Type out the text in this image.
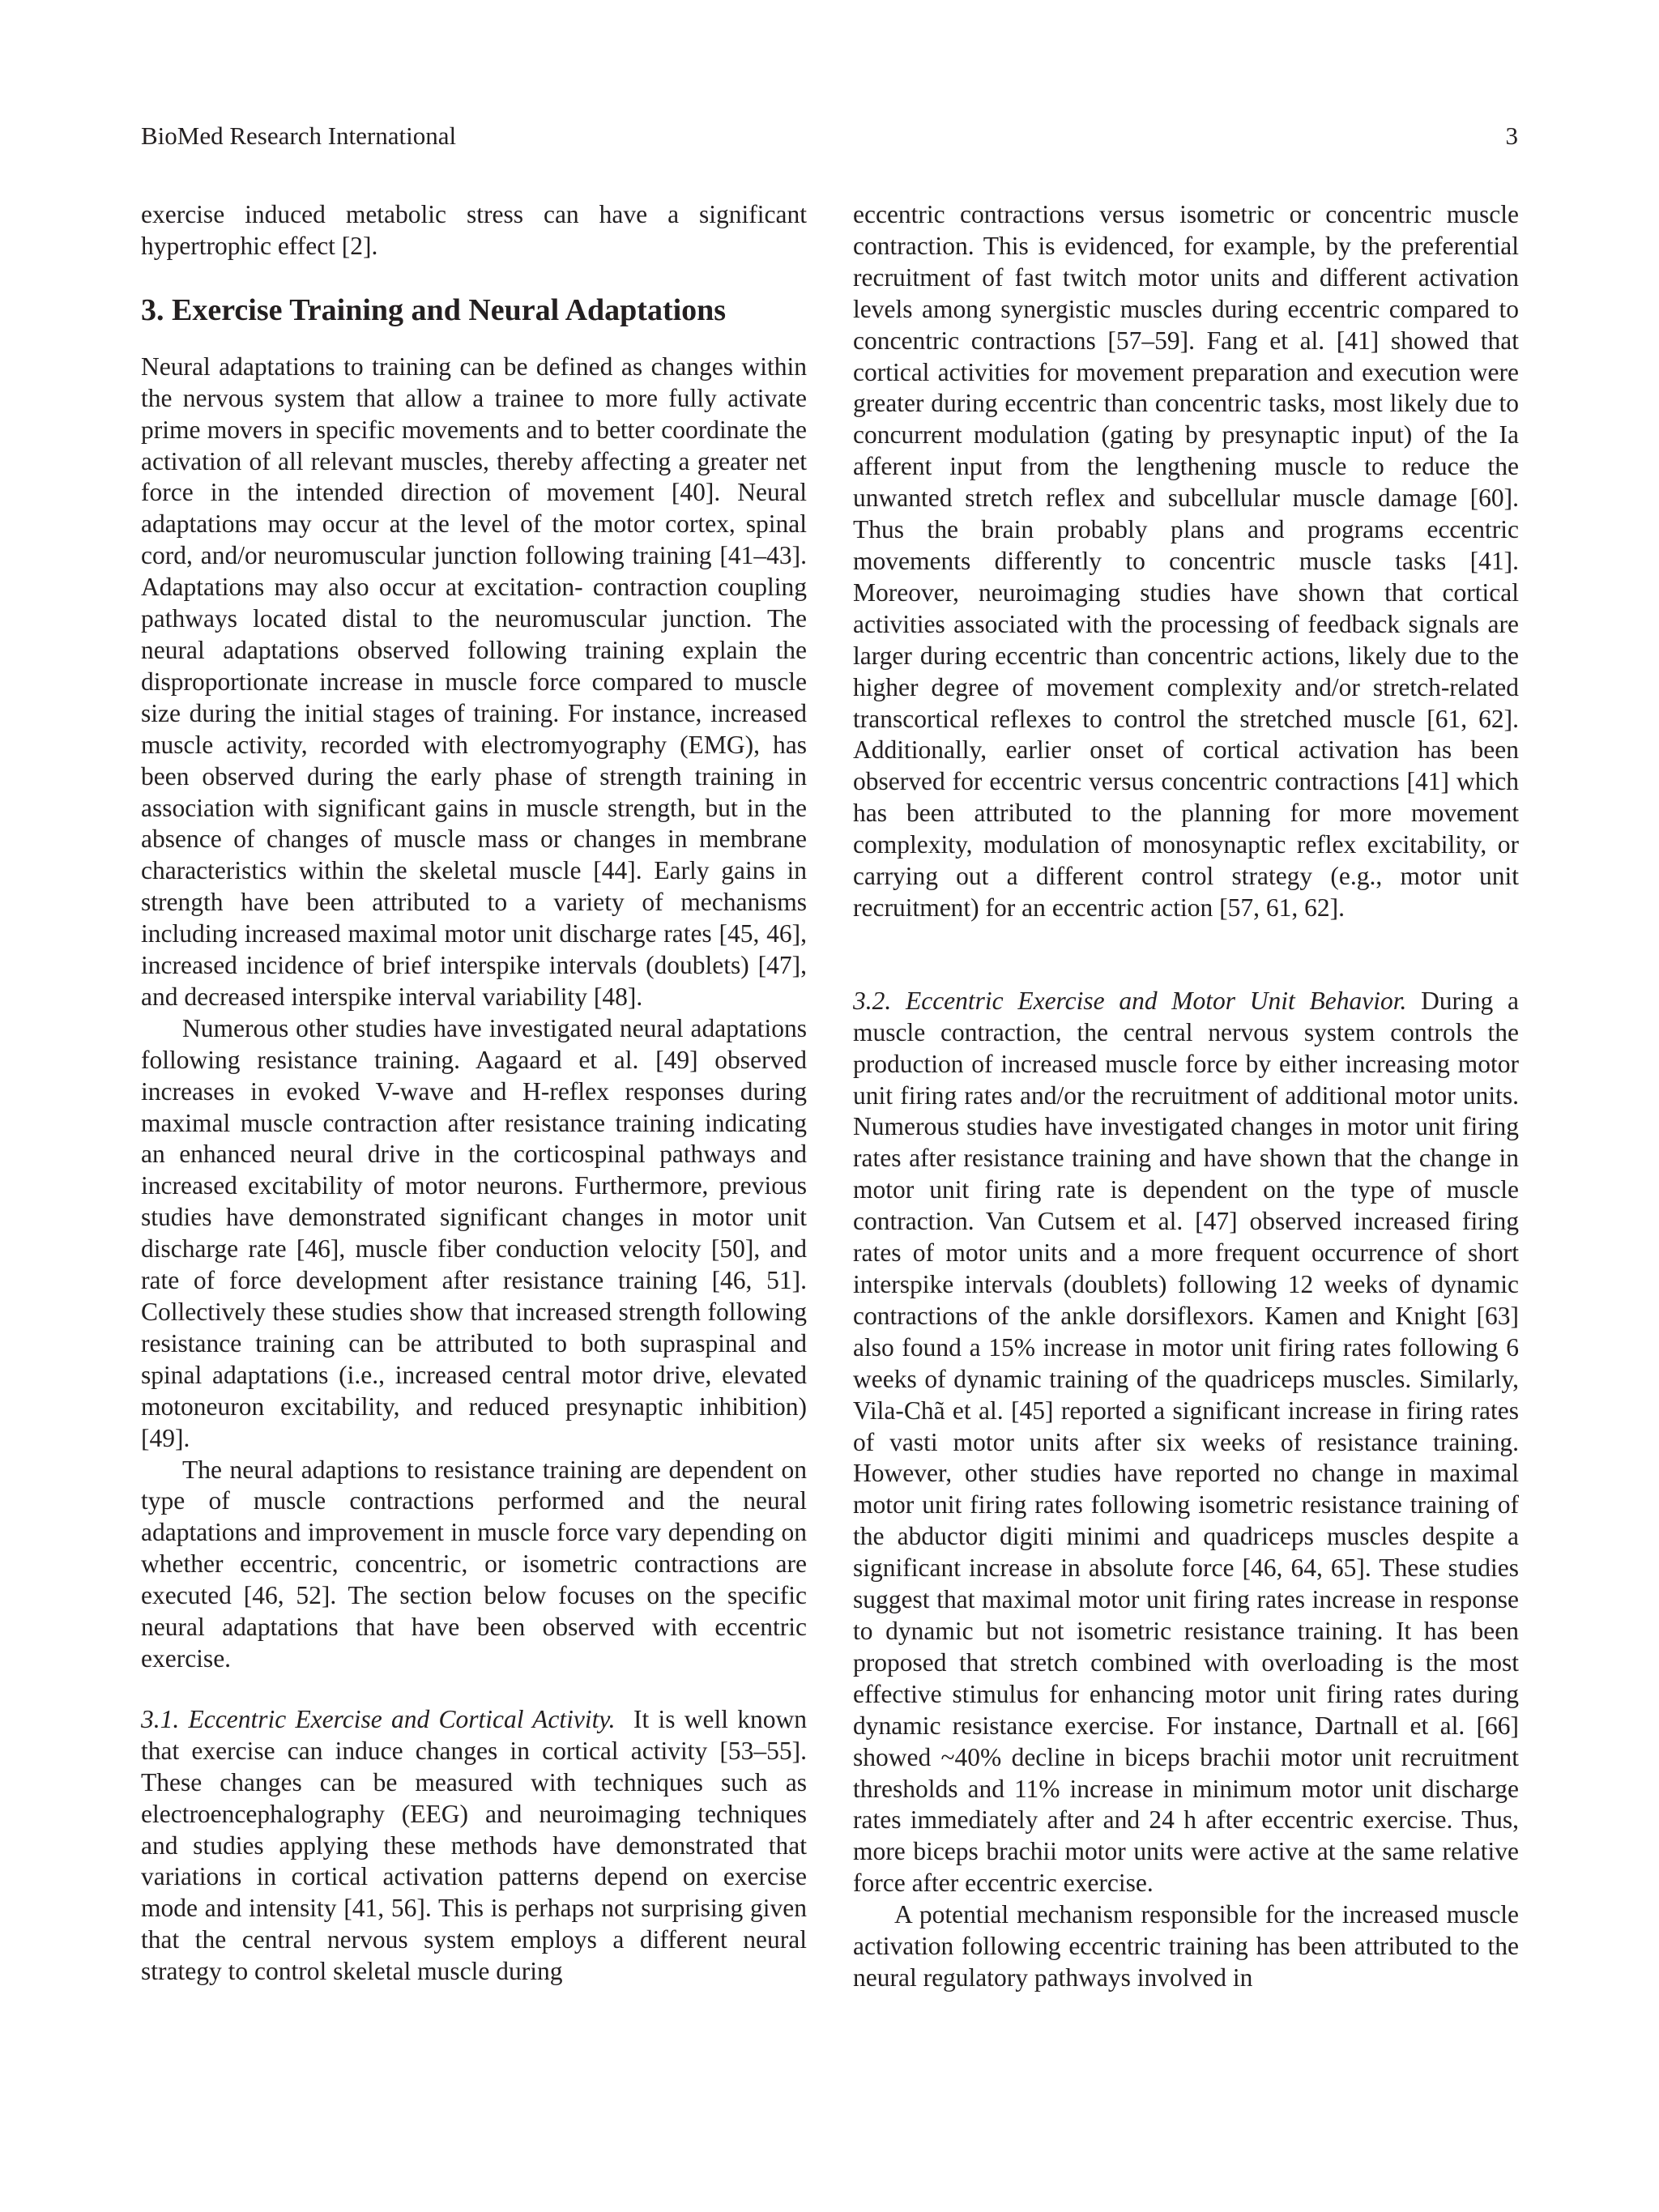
BioMed Research International	3

exercise induced metabolic stress can have a significant hypertrophic effect [2].

3. Exercise Training and Neural Adaptations

Neural adaptations to training can be defined as changes within the nervous system that allow a trainee to more fully activate prime movers in specific movements and to better coordinate the activation of all relevant muscles, thereby affecting a greater net force in the intended direction of movement [40]. Neural adaptations may occur at the level of the motor cortex, spinal cord, and/or neuromuscular junction following training [41–43]. Adaptations may also occur at excitation- contraction coupling pathways located distal to the neuromuscular junction. The neural adaptations observed following training explain the disproportionate increase in muscle force compared to muscle size during the initial stages of training. For instance, increased muscle activity, recorded with electromyography (EMG), has been observed during the early phase of strength training in association with significant gains in muscle strength, but in the absence of changes of muscle mass or changes in membrane characteristics within the skeletal muscle [44]. Early gains in strength have been attributed to a variety of mechanisms including increased maximal motor unit discharge rates [45, 46], increased incidence of brief interspike intervals (doublets) [47], and decreased interspike interval variability [48].

Numerous other studies have investigated neural adaptations following resistance training. Aagaard et al. [49] observed increases in evoked V-wave and H-reflex responses during maximal muscle contraction after resistance training indicating an enhanced neural drive in the corticospinal pathways and increased excitability of motor neurons. Furthermore, previous studies have demonstrated significant changes in motor unit discharge rate [46], muscle fiber conduction velocity [50], and rate of force development after resistance training [46, 51]. Collectively these studies show that increased strength following resistance training can be attributed to both supraspinal and spinal adaptations (i.e., increased central motor drive, elevated motoneuron excitability, and reduced presynaptic inhibition) [49].

The neural adaptions to resistance training are dependent on type of muscle contractions performed and the neural adaptations and improvement in muscle force vary depending on whether eccentric, concentric, or isometric contractions are executed [46, 52]. The section below focuses on the specific neural adaptations that have been observed with eccentric exercise.

3.1. Eccentric Exercise and Cortical Activity. It is well known that exercise can induce changes in cortical activity [53–55]. These changes can be measured with techniques such as electroencephalography (EEG) and neuroimaging techniques and studies applying these methods have demonstrated that variations in cortical activation patterns depend on exercise mode and intensity [41, 56]. This is perhaps not surprising given that the central nervous system employs a different neural strategy to control skeletal muscle during

eccentric contractions versus isometric or concentric muscle contraction. This is evidenced, for example, by the preferential recruitment of fast twitch motor units and different activation levels among synergistic muscles during eccentric compared to concentric contractions [57–59]. Fang et al. [41] showed that cortical activities for movement preparation and execution were greater during eccentric than concentric tasks, most likely due to concurrent modulation (gating by presynaptic input) of the Ia afferent input from the lengthening muscle to reduce the unwanted stretch reflex and subcellular muscle damage [60]. Thus the brain probably plans and programs eccentric movements differently to concentric muscle tasks [41]. Moreover, neuroimaging studies have shown that cortical activities associated with the processing of feedback signals are larger during eccentric than concentric actions, likely due to the higher degree of movement complexity and/or stretch-related transcortical reflexes to control the stretched muscle [61, 62]. Additionally, earlier onset of cortical activation has been observed for eccentric versus concentric contractions [41] which has been attributed to the planning for more movement complexity, modulation of monosynaptic reflex excitability, or carrying out a different control strategy (e.g., motor unit recruitment) for an eccentric action [57, 61, 62].

3.2. Eccentric Exercise and Motor Unit Behavior. During a muscle contraction, the central nervous system controls the production of increased muscle force by either increasing motor unit firing rates and/or the recruitment of additional motor units. Numerous studies have investigated changes in motor unit firing rates after resistance training and have shown that the change in motor unit firing rate is dependent on the type of muscle contraction. Van Cutsem et al. [47] observed increased firing rates of motor units and a more frequent occurrence of short interspike intervals (doublets) following 12 weeks of dynamic contractions of the ankle dorsiflexors. Kamen and Knight [63] also found a 15% increase in motor unit firing rates following 6 weeks of dynamic training of the quadriceps muscles. Similarly, Vila-Chã et al. [45] reported a significant increase in firing rates of vasti motor units after six weeks of resistance training. However, other studies have reported no change in maximal motor unit firing rates following isometric resistance training of the abductor digiti minimi and quadriceps muscles despite a significant increase in absolute force [46, 64, 65]. These studies suggest that maximal motor unit firing rates increase in response to dynamic but not isometric resistance training. It has been proposed that stretch combined with overloading is the most effective stimulus for enhancing motor unit firing rates during dynamic resistance exercise. For instance, Dartnall et al. [66] showed ~40% decline in biceps brachii motor unit recruitment thresholds and 11% increase in minimum motor unit discharge rates immediately after and 24 h after eccentric exercise. Thus, more biceps brachii motor units were active at the same relative force after eccentric exercise.

A potential mechanism responsible for the increased muscle activation following eccentric training has been attributed to the neural regulatory pathways involved in
